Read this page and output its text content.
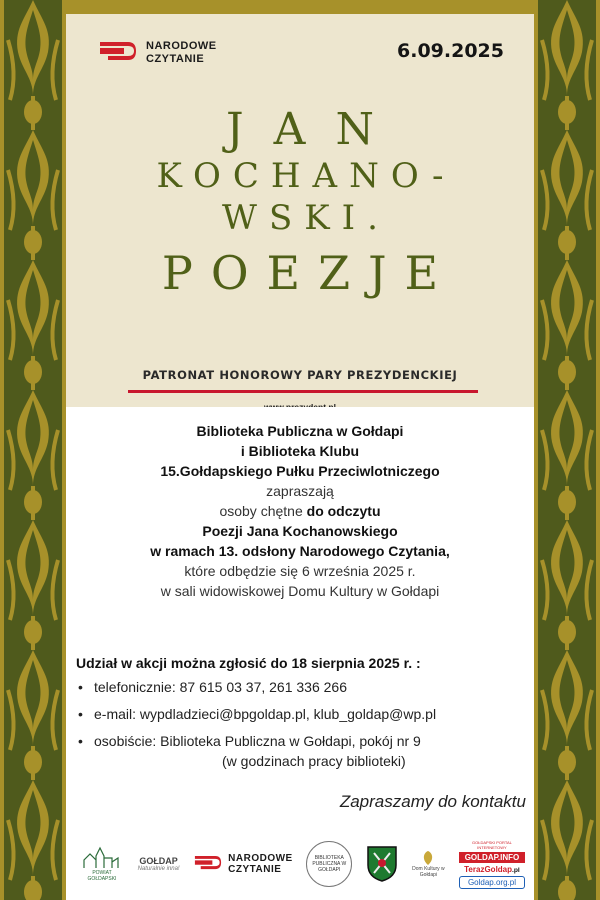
NARODOWE
CZYTANIE	6.09.2025
JAN
KOCHANO-
WSKI.
POEZJE
PATRONAT HONOROWY PARY PREZYDENCKIEJ
Biblioteka Publiczna w Gołdapi
i Biblioteka Klubu
15.Gołdapskiego Pułku Przeciwlotniczego
zapraszają
osoby chętne do odczytu
Poezji Jana Kochanowskiego
w ramach 13. odsłony Narodowego Czytania,
które odbędzie się 6 września 2025 r.
w sali widowiskowej Domu Kultury w Gołdapi
Udział w akcji można zgłosić do 18 sierpnia 2025 r. :
• telefonicznie: 87 615 03 37, 261 336 266
• e-mail: wypdladzieci@bpgoldap.pl, klub_goldap@wp.pl
• osobiście: Biblioteka Publiczna w Gołdapi, pokój nr 9
(w godzinach pracy biblioteki)
Zapraszamy do kontaktu
POWIAT GOŁDAPSKI
GOŁDAP
Naturalnie inna!
NARODOWE
CZYTANIE
BIBLIOTEKA PUBLICZNA W GOŁDAPI	Dom Kultury w Gołdapi
GOŁDAPSKI PORTAL INTERNETOWY
GOLDAP.INFO
TerazGoldap.pl
Goldap.org.pl
